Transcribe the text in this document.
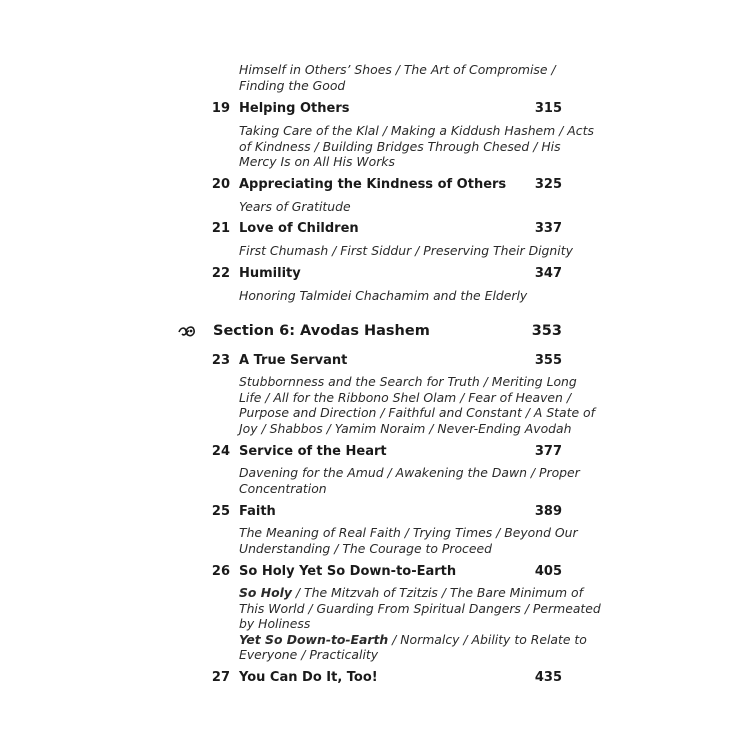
Himself in Others’ Shoes / The Art of Compromise /
Finding the Good
19 Helping Others	315
Taking Care of the Klal / Making a Kiddush Hashem / Acts
of Kindness / Building Bridges Through Chesed / His
Mercy Is on All His Works
20 Appreciating the Kindness of Others 325
Years of Gratitude
21 Love of Children	337
First Chumash / First Siddur / Preserving Their Dignity
22 Humility	347
Honoring Talmidei Chachamim and the Elderly
Section 6: Avodas Hashem	353
23 A True Servant	355
Stubbornness and the Search for Truth / Meriting Long
Life / All for the Ribbono Shel Olam / Fear of Heaven /
Purpose and Direction / Faithful and Constant / A State of
Joy / Shabbos / Yamim Noraim / Never-Ending Avodah
24 Service of the Heart	377
Davening for the Amud / Awakening the Dawn / Proper
Concentration
25 Faith	389
The Meaning of Real Faith / Trying Times / Beyond Our
Understanding / The Courage to Proceed
26 So Holy Yet So Down-to-Earth	405
So Holy / The Mitzvah of Tzitzis / The Bare Minimum of
This World / Guarding From Spiritual Dangers / Permeated
by Holiness
Yet So Down-to-Earth / Normalcy / Ability to Relate to
Everyone / Practicality
27 You Can Do It, Too!	435
